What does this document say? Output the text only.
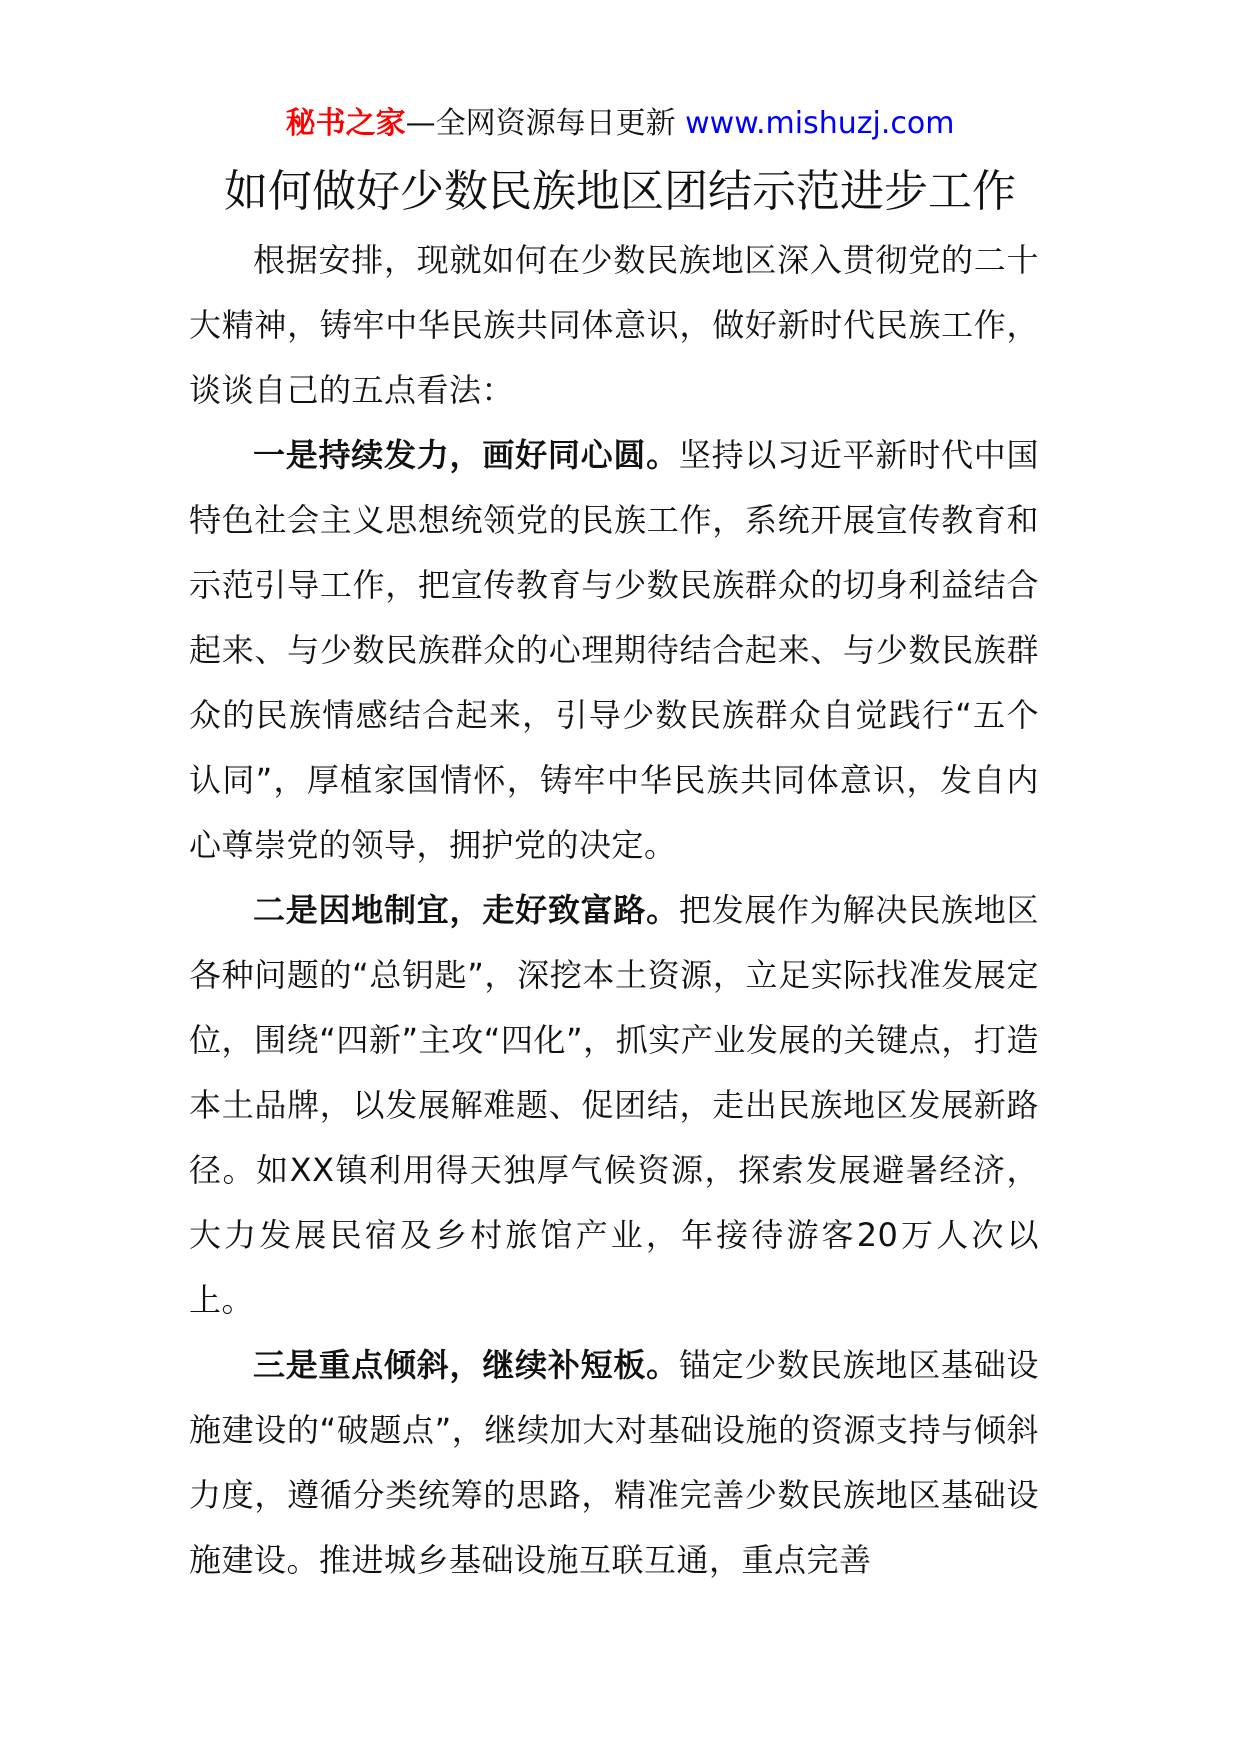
秘书之家—全网资源每日更新 www.mishuzj.com
如何做好少数民族地区团结示范进步工作

根据安排，现就如何在少数民族地区深入贯彻党的二十大精神，铸牢中华民族共同体意识，做好新时代民族工作，谈谈自己的五点看法：

一是持续发力，画好同心圆。坚持以习近平新时代中国特色社会主义思想统领党的民族工作，系统开展宣传教育和示范引导工作，把宣传教育与少数民族群众的切身利益结合起来、与少数民族群众的心理期待结合起来、与少数民族群众的民族情感结合起来，引导少数民族群众自觉践行“五个认同”，厚植家国情怀，铸牢中华民族共同体意识，发自内心尊崇党的领导，拥护党的决定。

二是因地制宜，走好致富路。把发展作为解决民族地区各种问题的“总钥匙”，深挖本土资源，立足实际找准发展定位，围绕“四新”主攻“四化”，抓实产业发展的关键点，打造本土品牌，以发展解难题、促团结，走出民族地区发展新路径。如XX镇利用得天独厚气候资源，探索发展避暑经济，大力发展民宿及乡村旅馆产业，年接待游客20万人次以上。

三是重点倾斜，继续补短板。锚定少数民族地区基础设施建设的“破题点”，继续加大对基础设施的资源支持与倾斜力度，遵循分类统筹的思路，精准完善少数民族地区基础设施建设。推进城乡基础设施互联互通，重点完善
